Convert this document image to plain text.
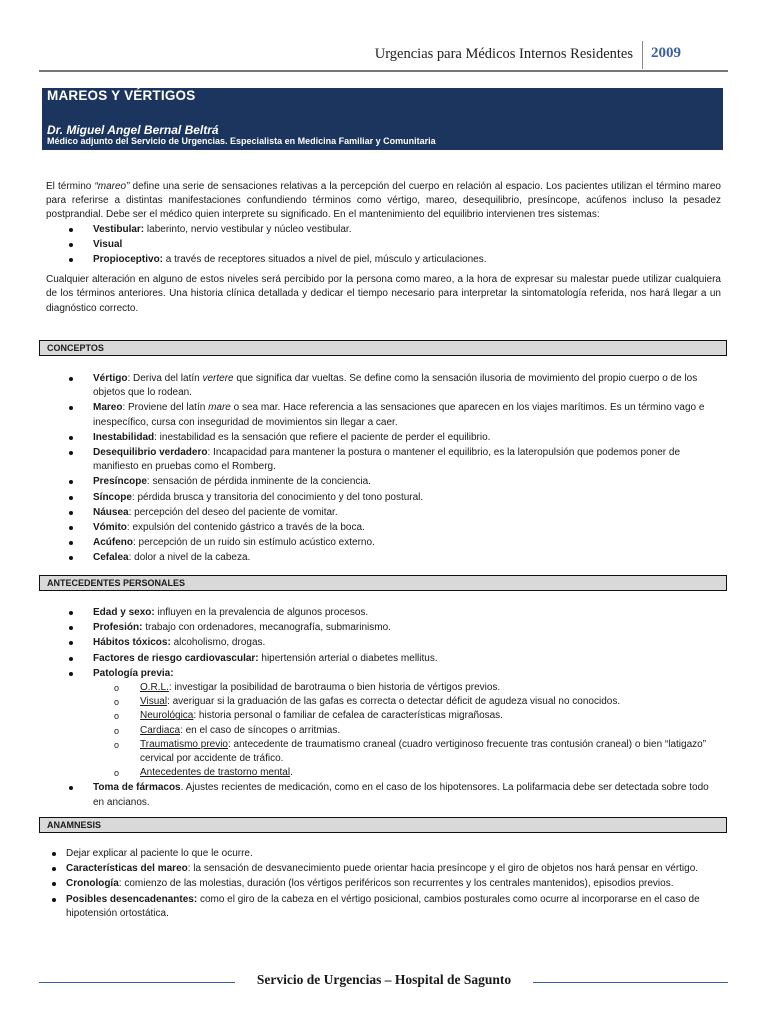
Urgencias para Médicos Internos Residentes 2009
MAREOS Y VÉRTIGOS
Dr. Miguel Angel Bernal Beltrá
Médico adjunto del Servicio de Urgencias. Especialista en Medicina Familiar y Comunitaria

El término “mareo” define una serie de sensaciones relativas a la percepción del cuerpo en relación al espacio. Los pacientes utilizan el término mareo para referirse a distintas manifestaciones confundiendo términos como vértigo, mareo, desequilibrio, presíncope, acúfenos incluso la pesadez postprandial. Debe ser el médico quien interprete su significado. En el mantenimiento del equilibrio intervienen tres sistemas:

Vestibular: laberinto, nervio vestibular y núcleo vestibular.
Visual
Propioceptivo: a través de receptores situados a nivel de piel, músculo y articulaciones.

Cualquier alteración en alguno de estos niveles será percibido por la persona como mareo, a la hora de expresar su malestar puede utilizar cualquiera de los términos anteriores. Una historia clínica detallada y dedicar el tiempo necesario para interpretar la sintomatología referida, nos hará llegar a un diagnóstico correcto.

CONCEPTOS
Vértigo: Deriva del latín vertere que significa dar vueltas. Se define como la sensación ilusoria de movimiento del propio cuerpo o de los objetos que lo rodean.
Mareo: Proviene del latín mare o sea mar. Hace referencia a las sensaciones que aparecen en los viajes marítimos. Es un término vago e inespecífico, cursa con inseguridad de movimientos sin llegar a caer.
Inestabilidad: inestabilidad es la sensación que refiere el paciente de perder el equilibrio.
Desequilibrio verdadero: Incapacidad para mantener la postura o mantener el equilibrio, es la lateropulsión que podemos poner de manifiesto en pruebas como el Romberg.
Presíncope: sensación de pérdida inminente de la conciencia.
Síncope: pérdida brusca y transitoria del conocimiento y del tono postural.
Náusea: percepción del deseo del paciente de vomitar.
Vómito: expulsión del contenido gástrico a través de la boca.
Acúfeno: percepción de un ruido sin estímulo acústico externo.
Cefalea: dolor a nivel de la cabeza.
ANTECEDENTES PERSONALES
Edad y sexo: influyen en la prevalencia de algunos procesos.
Profesión: trabajo con ordenadores, mecanografía, submarinismo.
Hábitos tóxicos: alcoholismo, drogas.
Factores de riesgo cardiovascular: hipertensión arterial o diabetes mellitus.
Patología previa:
o O.R.L.: investigar la posibilidad de barotrauma o bien historia de vértigos previos.
o Visual: averiguar si la graduación de las gafas es correcta o detectar déficit de agudeza visual no conocidos.
o Neurológica: historia personal o familiar de cefalea de características migrañosas.
o Cardiaca: en el caso de síncopes o arritmias.
o Traumatismo previo: antecedente de traumatismo craneal (cuadro vertiginoso frecuente tras contusión craneal) o bien “latigazo” cervical por accidente de tráfico.
o Antecedentes de trastorno mental.
Toma de fármacos. Ajustes recientes de medicación, como en el caso de los hipotensores. La polifarmacia debe ser detectada sobre todo en ancianos.
ANAMNESIS
Dejar explicar al paciente lo que le ocurre.
Características del mareo: la sensación de desvanecimiento puede orientar hacia presíncope y el giro de objetos nos hará pensar en vértigo.
Cronología: comienzo de las molestias, duración (los vértigos periféricos son recurrentes y los centrales mantenidos), episodios previos.
Posibles desencadenantes: como el giro de la cabeza en el vértigo posicional, cambios posturales como ocurre al incorporarse en el caso de hipotensión ortostática.
Servicio de Urgencias – Hospital de Sagunto
